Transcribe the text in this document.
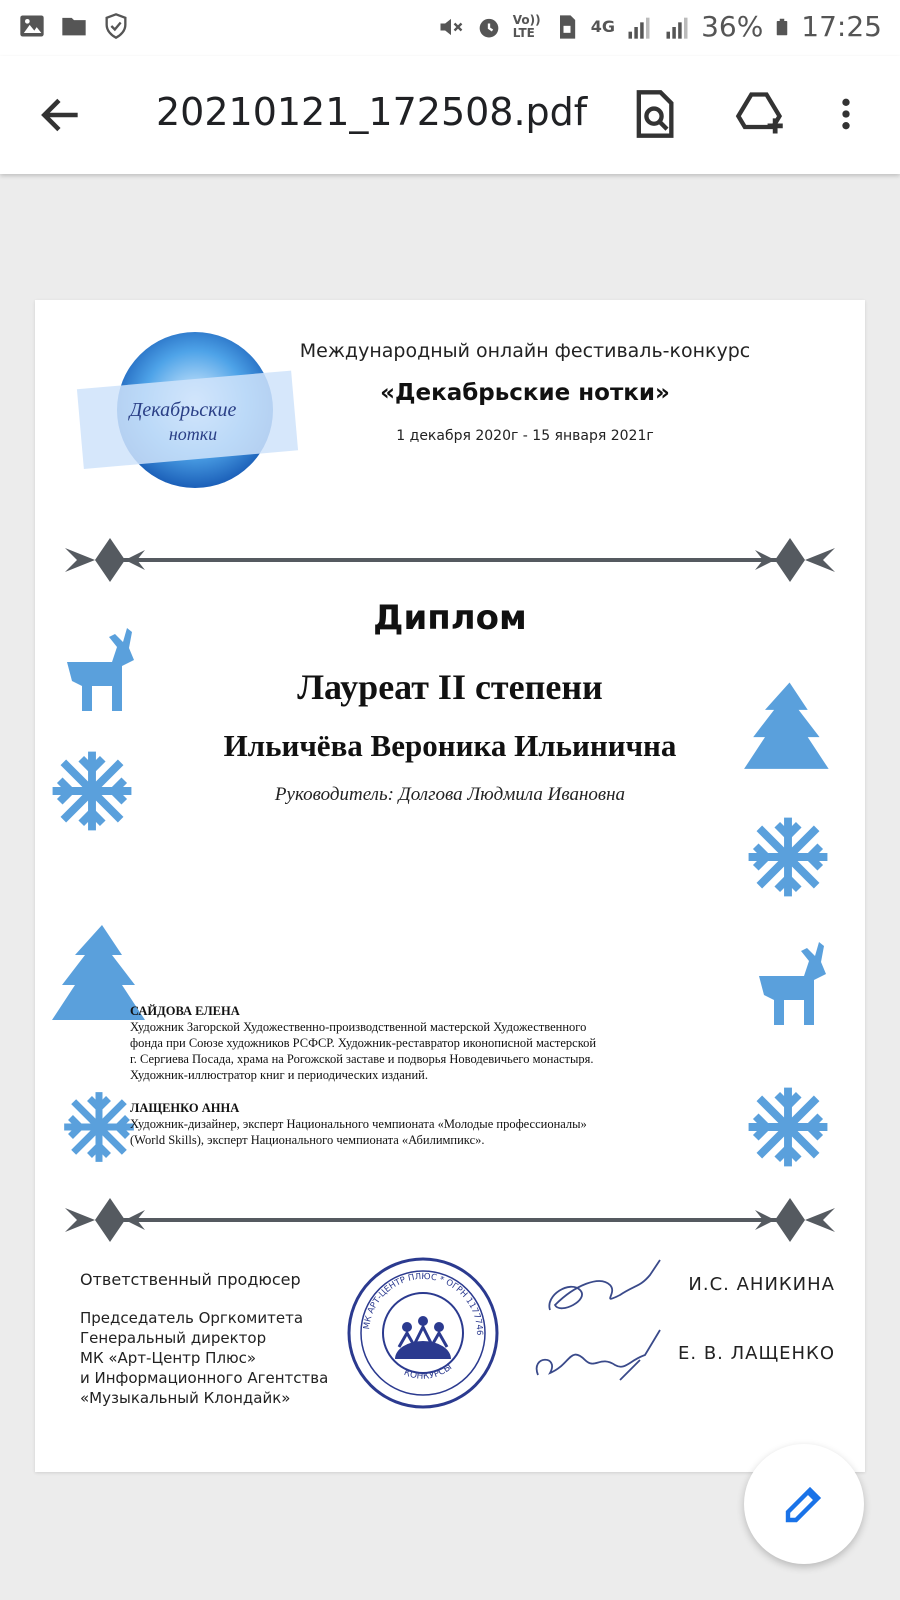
Vo)) LTE	4G	36% 17:25
20210121_172508.pdf
Декабрьские
нотки
Международный онлайн фестиваль-конкурс
«Декабрьские нотки»
1 декабря 2020г - 15 января 2021г
Диплом
Лауреат II степени
Ильичёва Вероника Ильинична
Руководитель: Долгова Людмила Ивановна
САЙДОВА ЕЛЕНА
Художник Загорской Художественно-производственной мастерской Художественного
фонда при Союзе художников РСФСР. Художник-реставратор иконописной мастерской
г. Сергиева Посада, храма на Рогожской заставе и подворья Новодевичьего монастыря.
Художник-иллюстратор книг и периодических изданий.
ЛАЩЕНКО АННА
Художник-дизайнер, эксперт Национального чемпионата «Молодые профессионалы»
(World Skills), эксперт Национального чемпионата «Абилимпикс».
Ответственный продюсер
Председатель Оргкомитета
Генеральный директор
МК «Арт-Центр Плюс»
и Информационного Агентства
«Музыкальный Клондайк»
МК АРТ-ЦЕНТР ПЛЮС * ОГРН 1177746
КОНКУРСЫ
И.С. АНИКИНА
Е. В. ЛАЩЕНКО
